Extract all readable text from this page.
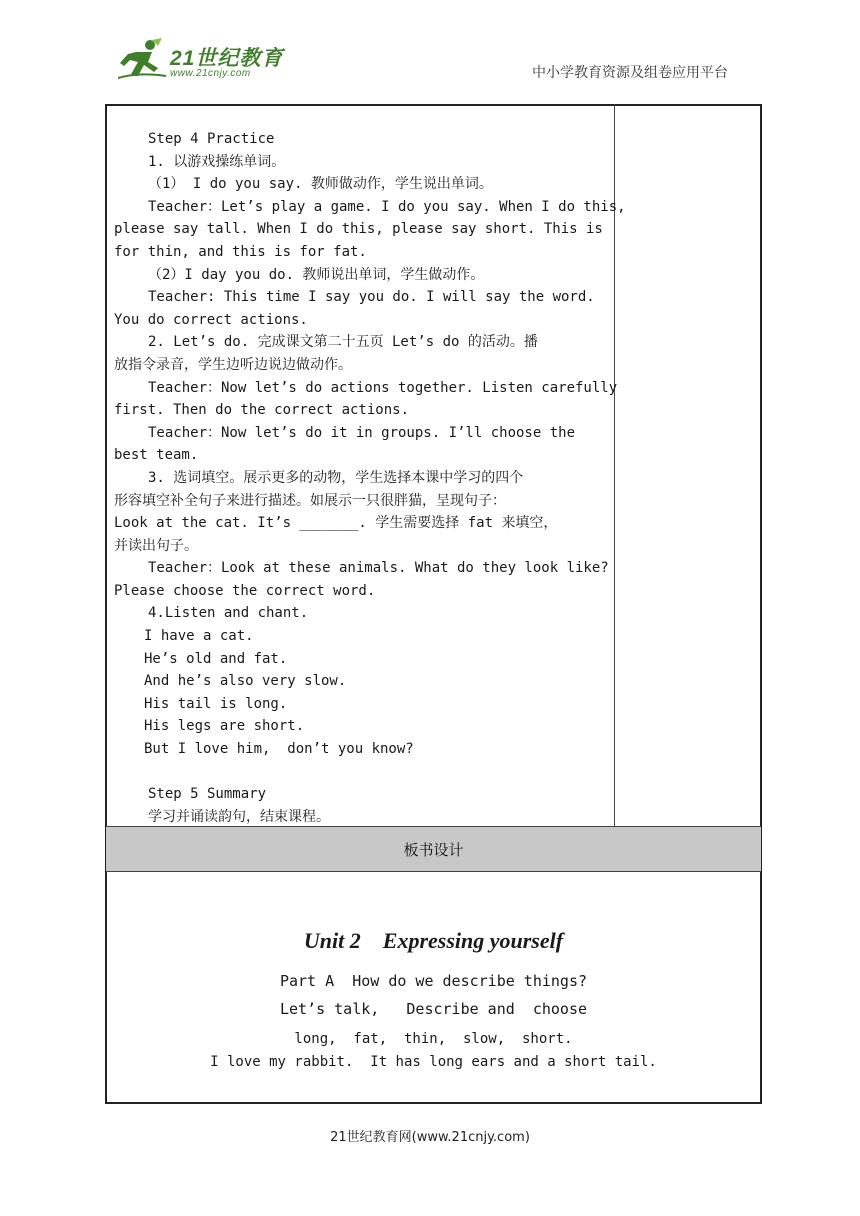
21世纪教育
www.21cnjy.com	中小学教育资源及组卷应用平台

Step 4 Practice

1. 以游戏操练单词。

（1） I do you say. 教师做动作，学生说出单词。

Teacher：Let’s play a game. I do you say. When I do this,

please say tall. When I do this, please say short. This is

for thin, and this is for fat.

（2）I day you do. 教师说出单词，学生做动作。

Teacher: This time I say you do. I will say the word.

You do correct actions.

2. Let’s do. 完成课文第二十五页 Let’s do 的活动。播

放指令录音，学生边听边说边做动作。

Teacher：Now let’s do actions together. Listen carefully

first. Then do the correct actions.

Teacher：Now let’s do it in groups. I’ll choose the

best team.

3. 选词填空。展示更多的动物，学生选择本课中学习的四个

形容填空补全句子来进行描述。如展示一只很胖猫，呈现句子：

Look at the cat. It’s _______. 学生需要选择 fat 来填空，

并读出句子。

Teacher：Look at these animals. What do they look like?

Please choose the correct word.

4.Listen and chant.

I have a cat.

He’s old and fat.

And he’s also very slow.

His tail is long.

His legs are short.

But I love him,  don’t you know?

Step 5 Summary

学习并诵读韵句，结束课程。

板书设计
Unit 2    Expressing yourself
Part A  How do we describe things?
Let’s talk,   Describe and  choose
long,  fat,  thin,  slow,  short.
I love my rabbit.  It has long ears and a short tail.
21世纪教育网(www.21cnjy.com)
